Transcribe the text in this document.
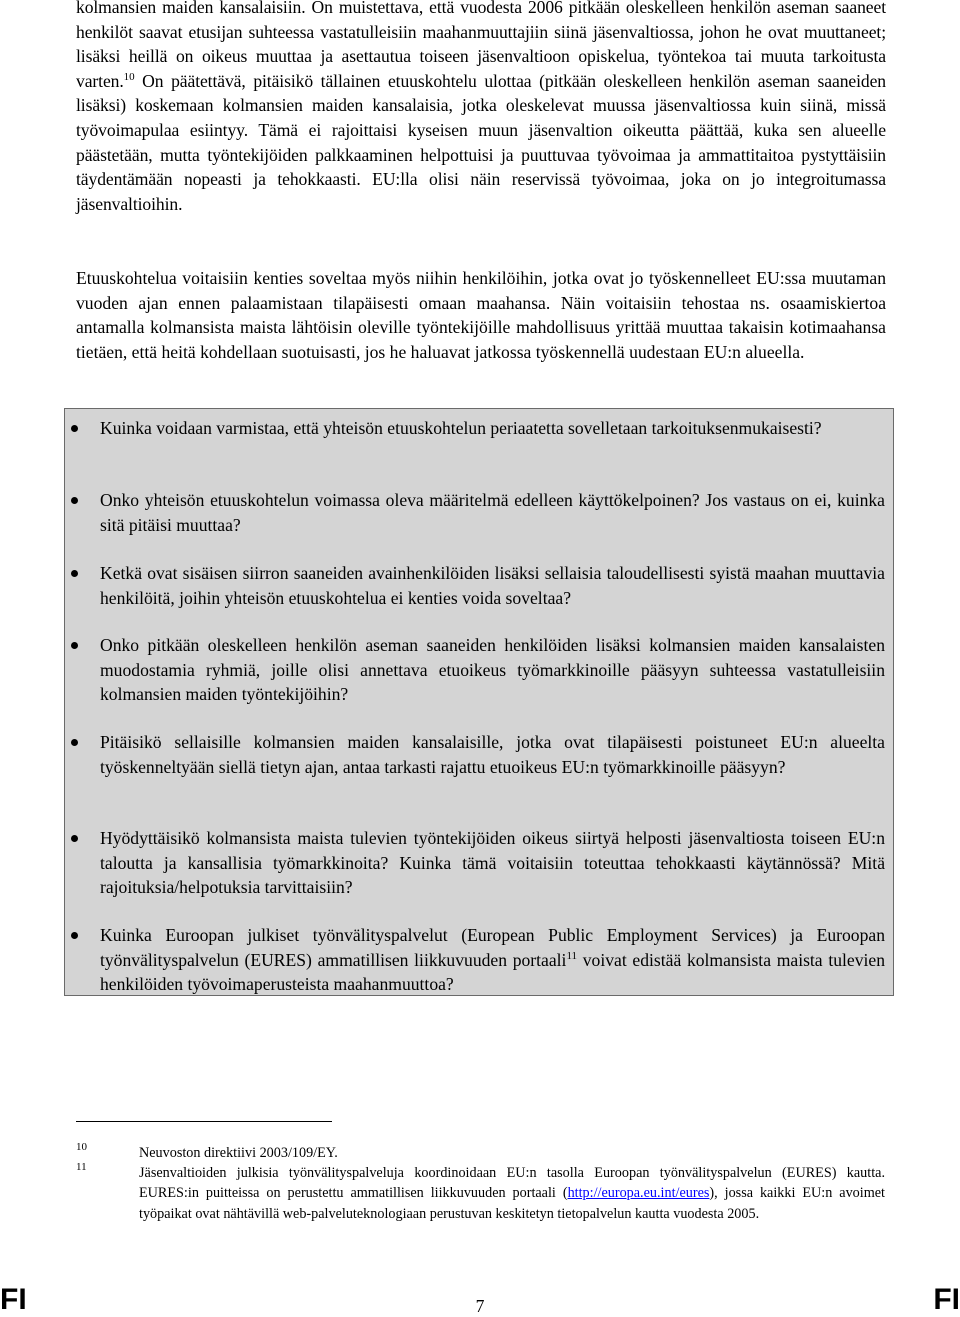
kolmansien maiden kansalaisiin. On muistettava, että vuodesta 2006 pitkään oleskelleen henkilön aseman saaneet henkilöt saavat etusijan suhteessa vastatulleisiin maahanmuuttajiin siinä jäsenvaltiossa, johon he ovat muuttaneet; lisäksi heillä on oikeus muuttaa ja asettautua toiseen jäsenvaltioon opiskelua, työntekoa tai muuta tarkoitusta varten.$^{10}$ On päätettävä, pitäisikö tällainen etuuskohtelu ulottaa (pitkään oleskelleen henkilön aseman saaneiden lisäksi) koskemaan kolmansien maiden kansalaisia, jotka oleskelevat muussa jäsenvaltiossa kuin siinä, missä työvoimapulaa esiintyy. Tämä ei rajoittaisi kyseisen muun jäsenvaltion oikeutta päättää, kuka sen alueelle päästetään, mutta työntekijöiden palkkaaminen helpottuisi ja puuttuvaa työvoimaa ja ammattitaitoa pystyttäisiin täydentämään nopeasti ja tehokkaasti. EU:lla olisi näin reservissä työvoimaa, joka on jo integroitumassa jäsenvaltioihin.

Etuuskohtelua voitaisiin kenties soveltaa myös niihin henkilöihin, jotka ovat jo työskennelleet EU:ssa muutaman vuoden ajan ennen palaamistaan tilapäisesti omaan maahansa. Näin voitaisiin tehostaa ns. osaamiskiertoa antamalla kolmansista maista lähtöisin oleville työntekijöille mahdollisuus yrittää muuttaa takaisin kotimaahansa tietäen, että heitä kohdellaan suotuisasti, jos he haluavat jatkossa työskennellä uudestaan EU:n alueella.

Kuinka voidaan varmistaa, että yhteisön etuuskohtelun periaatetta sovelletaan tarkoituksenmukaisesti?
Onko yhteisön etuuskohtelun voimassa oleva määritelmä edelleen käyttökelpoinen? Jos vastaus on ei, kuinka sitä pitäisi muuttaa?
Ketkä ovat sisäisen siirron saaneiden avainhenkilöiden lisäksi sellaisia taloudellisesti syistä maahan muuttavia henkilöitä, joihin yhteisön etuuskohtelua ei kenties voida soveltaa?
Onko pitkään oleskelleen henkilön aseman saaneiden henkilöiden lisäksi kolmansien maiden kansalaisten muodostamia ryhmiä, joille olisi annettava etuoikeus työmarkkinoille pääsyyn suhteessa vastatulleisiin kolmansien maiden työntekijöihin?
Pitäisikö sellaisille kolmansien maiden kansalaisille, jotka ovat tilapäisesti poistuneet EU:n alueelta työskenneltyään siellä tietyn ajan, antaa tarkasti rajattu etuoikeus EU:n työmarkkinoille pääsyyn?
Hyödyttäisikö kolmansista maista tulevien työntekijöiden oikeus siirtyä helposti jäsenvaltiosta toiseen EU:n taloutta ja kansallisia työmarkkinoita? Kuinka tämä voitaisiin toteuttaa tehokkaasti käytännössä? Mitä rajoituksia/helpotuksia tarvittaisiin?
Kuinka Euroopan julkiset työnvälityspalvelut (European Public Employment Services) ja Euroopan työnvälityspalvelun (EURES) ammatillisen liikkuvuuden portaali$^{11}$ voivat edistää kolmansista maista tulevien henkilöiden työvoimaperusteista maahanmuuttoa?
10	Neuvoston direktiivi 2003/109/EY.

11	Jäsenvaltioiden julkisia työnvälityspalveluja koordinoidaan EU:n tasolla Euroopan työnvälityspalvelun (EURES) kautta. EURES:in puitteissa on perustettu ammatillisen liikkuvuuden portaali (http://europa.eu.int/eures), jossa kaikki EU:n avoimet työpaikat ovat nähtävillä web-palveluteknologiaan perustuvan keskitetyn tietopalvelun kautta vuodesta 2005.

FI	7	FI
